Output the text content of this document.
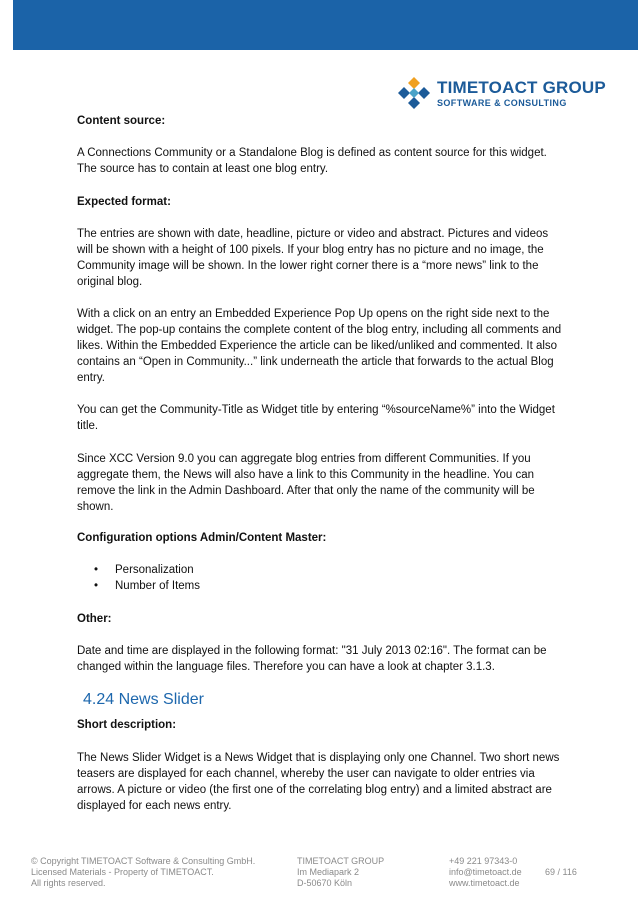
TIMETOACT GROUP
SOFTWARE & CONSULTING

Content source:

A Connections Community or a Standalone Blog is defined as content source for this widget. The source has to contain at least one blog entry.

Expected format:

The entries are shown with date, headline, picture or video and abstract. Pictures and videos will be shown with a height of 100 pixels. If your blog entry has no picture and no image, the Community image will be shown. In the lower right corner there is a “more news” link to the original blog.

With a click on an entry an Embedded Experience Pop Up opens on the right side next to the widget. The pop-up contains the complete content of the blog entry, including all comments and likes. Within the Embedded Experience the article can be liked/unliked and commented. It also contains an “Open in Community...” link underneath the article that forwards to the actual Blog entry.

You can get the Community-Title as Widget title by entering “%sourceName%” into the Widget title.

Since XCC Version 9.0 you can aggregate blog entries from different Communities. If you aggregate them, the News will also have a link to this Community in the headline. You can remove the link in the Admin Dashboard. After that only the name of the community will be shown.

Configuration options Admin/Content Master:

• Personalization
• Number of Items

Other:

Date and time are displayed in the following format: "31 July 2013 02:16". The format can be changed within the language files. Therefore you can have a look at chapter 3.1.3.

4.24 News Slider

Short description:

The News Slider Widget is a News Widget that is displaying only one Channel. Two short news teasers are displayed for each channel, whereby the user can navigate to older entries via arrows. A picture or video (the first one of the correlating blog entry) and a limited abstract are displayed for each news entry.

© Copyright TIMETOACT Software & Consulting GmbH.
Licensed Materials - Property of TIMETOACT.
All rights reserved.
TIMETOACT GROUP
Im Mediapark 2
D-50670 Köln
+49 221 97343-0
info@timetoact.de
www.timetoact.de
69 / 116
